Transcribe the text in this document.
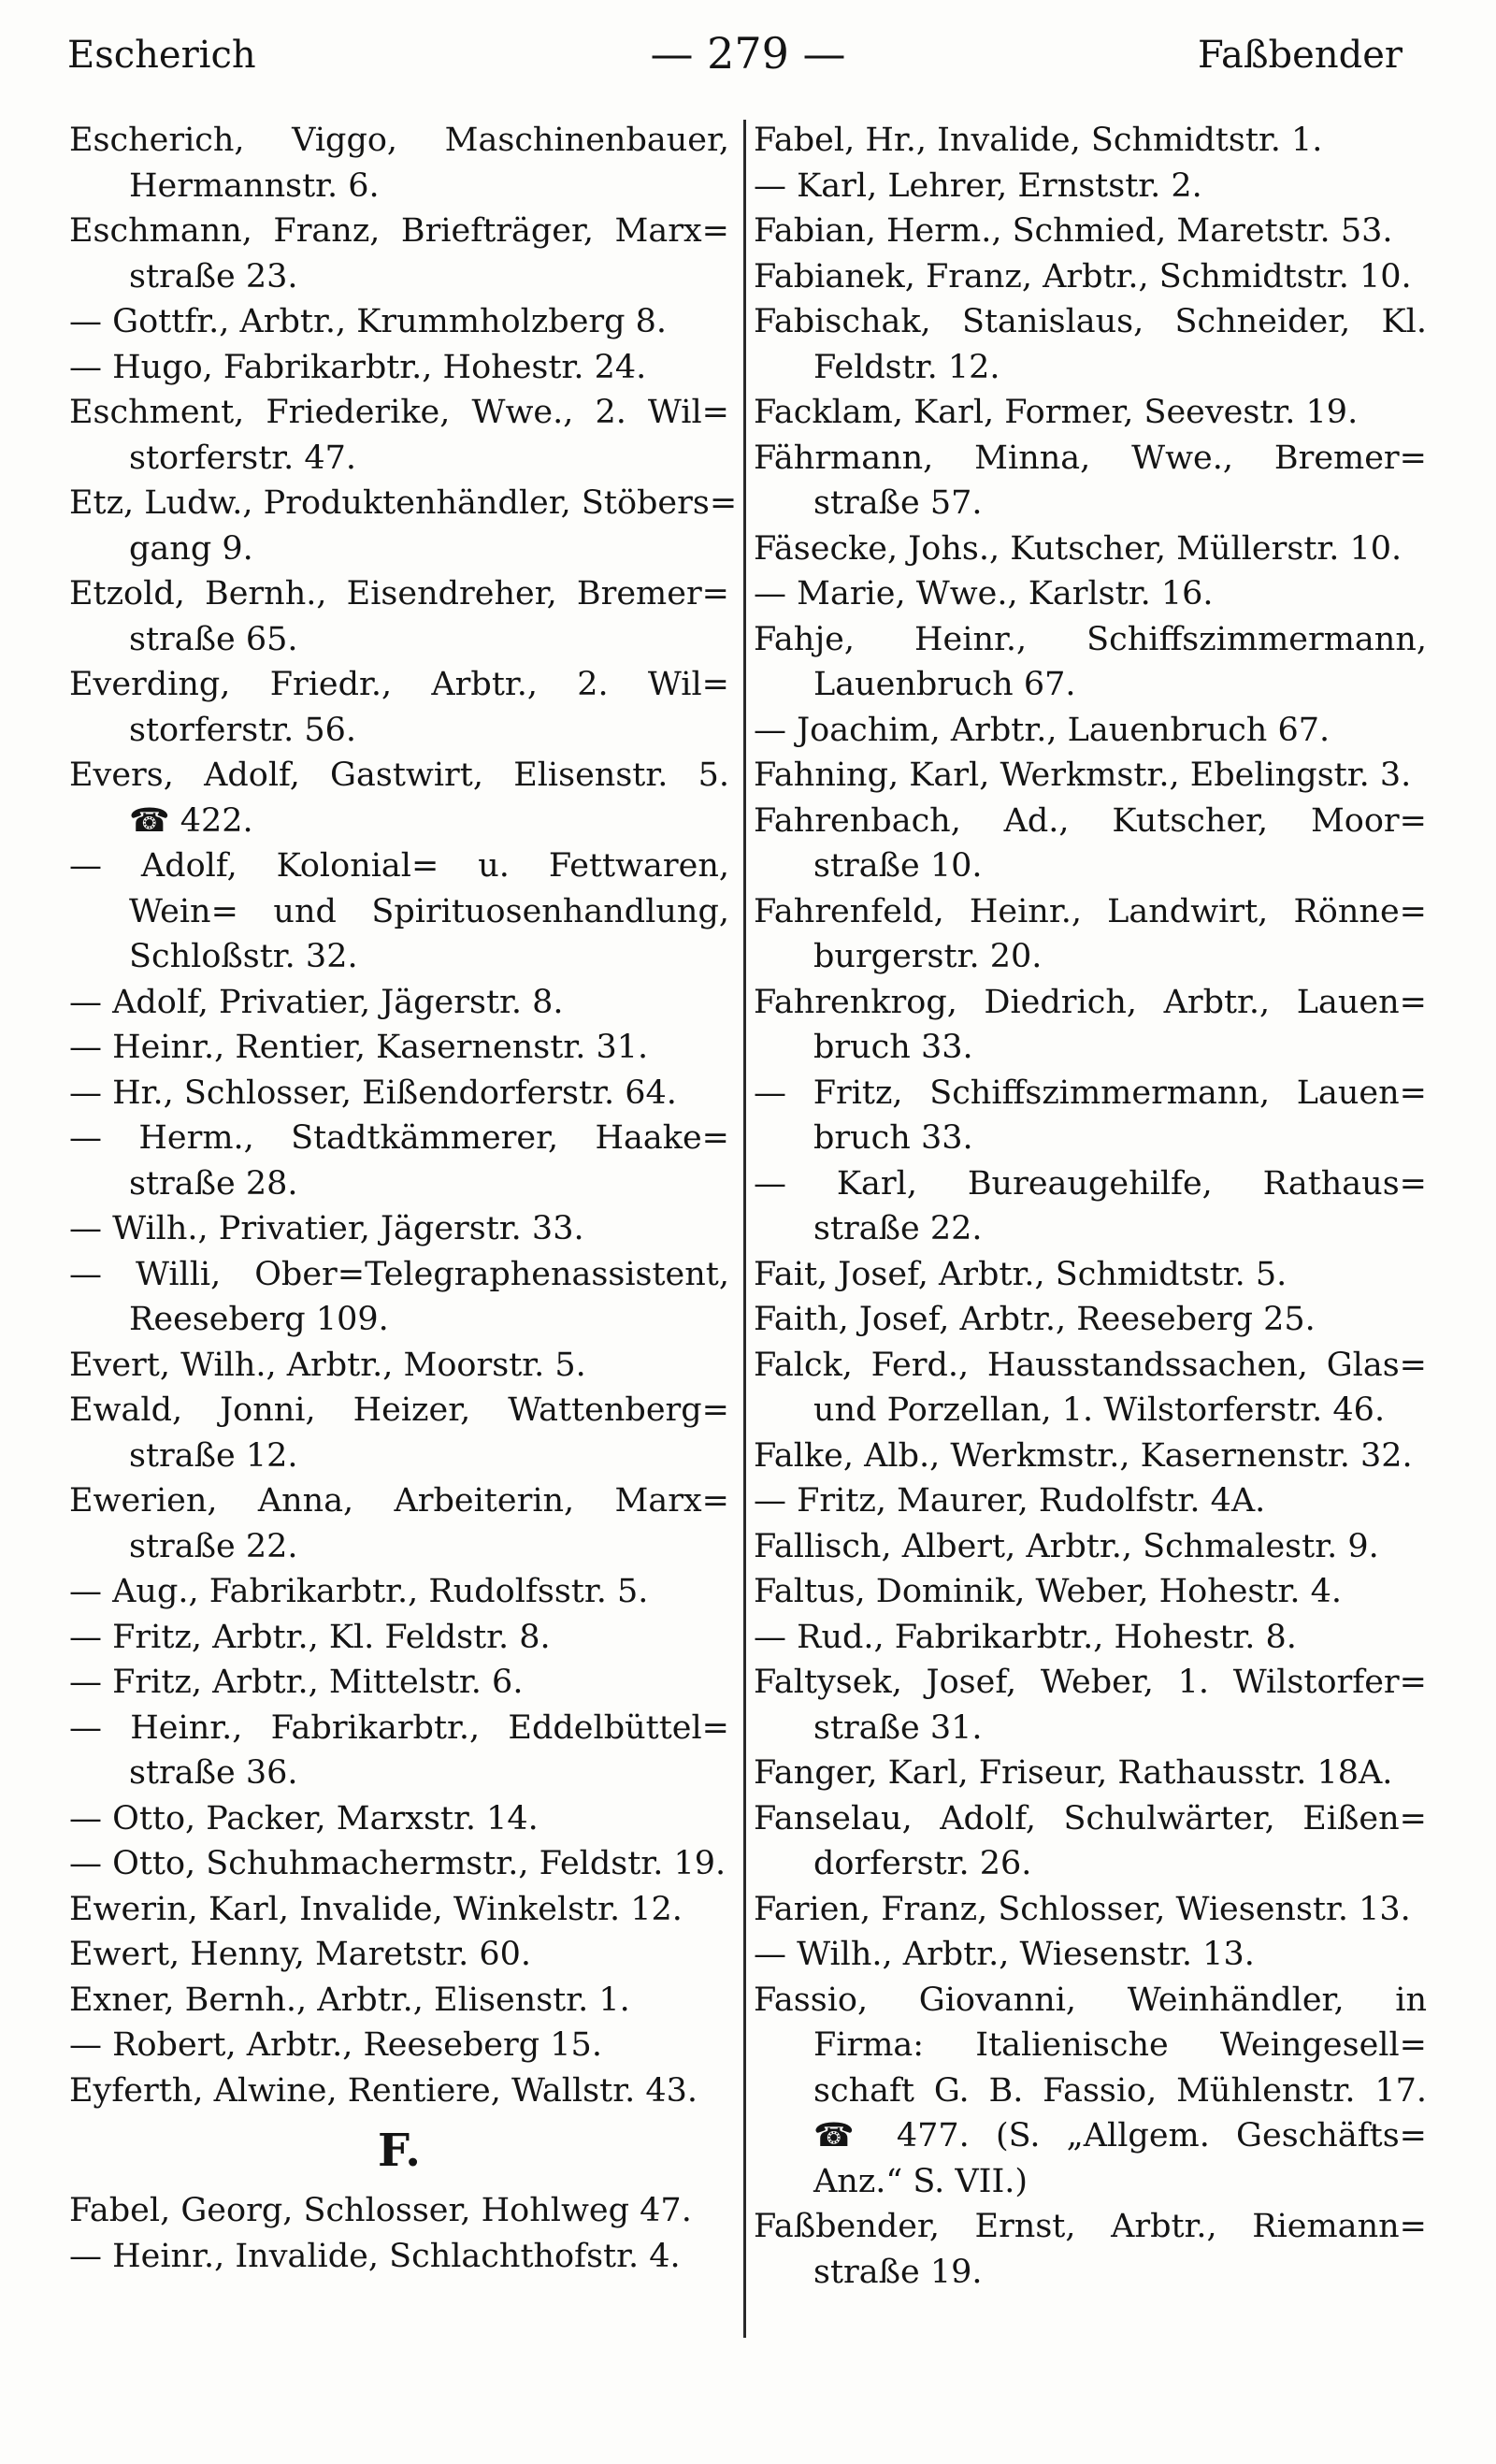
Escherich	— 279 —	Faßbender
Escherich, Viggo, Maschinenbauer,
Hermannstr. 6.
Eschmann, Franz, Briefträger, Marx=
straße 23.
— Gottfr., Arbtr., Krummholzberg 8.
— Hugo, Fabrikarbtr., Hohestr. 24.
Eschment, Friederike, Wwe., 2. Wil=
storferstr. 47.
Etz, Ludw., Produktenhändler, Stöbers=
gang 9.
Etzold, Bernh., Eisendreher, Bremer=
straße 65.
Everding, Friedr., Arbtr., 2. Wil=
storferstr. 56.
Evers, Adolf, Gastwirt, Elisenstr. 5.
☎ 422.
— Adolf, Kolonial= u. Fettwaren,
Wein= und Spirituosenhandlung,
Schloßstr. 32.
— Adolf, Privatier, Jägerstr. 8.
— Heinr., Rentier, Kasernenstr. 31.
— Hr., Schlosser, Eißendorferstr. 64.
— Herm., Stadtkämmerer, Haake=
straße 28.
— Wilh., Privatier, Jägerstr. 33.
— Willi, Ober=Telegraphenassistent,
Reeseberg 109.
Evert, Wilh., Arbtr., Moorstr. 5.
Ewald, Jonni, Heizer, Wattenberg=
straße 12.
Ewerien, Anna, Arbeiterin, Marx=
straße 22.
— Aug., Fabrikarbtr., Rudolfsstr. 5.
— Fritz, Arbtr., Kl. Feldstr. 8.
— Fritz, Arbtr., Mittelstr. 6.
— Heinr., Fabrikarbtr., Eddelbüttel=
straße 36.
— Otto, Packer, Marxstr. 14.
— Otto, Schuhmachermstr., Feldstr. 19.
Ewerin, Karl, Invalide, Winkelstr. 12.
Ewert, Henny, Maretstr. 60.
Exner, Bernh., Arbtr., Elisenstr. 1.
— Robert, Arbtr., Reeseberg 15.
Eyferth, Alwine, Rentiere, Wallstr. 43.
F.
Fabel, Georg, Schlosser, Hohlweg 47.
— Heinr., Invalide, Schlachthofstr. 4.
Fabel, Hr., Invalide, Schmidtstr. 1.
— Karl, Lehrer, Ernststr. 2.
Fabian, Herm., Schmied, Maretstr. 53.
Fabianek, Franz, Arbtr., Schmidtstr. 10.
Fabischak, Stanislaus, Schneider, Kl.
Feldstr. 12.
Facklam, Karl, Former, Seevestr. 19.
Fährmann, Minna, Wwe., Bremer=
straße 57.
Fäsecke, Johs., Kutscher, Müllerstr. 10.
— Marie, Wwe., Karlstr. 16.
Fahje, Heinr., Schiffszimmermann,
Lauenbruch 67.
— Joachim, Arbtr., Lauenbruch 67.
Fahning, Karl, Werkmstr., Ebelingstr. 3.
Fahrenbach, Ad., Kutscher, Moor=
straße 10.
Fahrenfeld, Heinr., Landwirt, Rönne=
burgerstr. 20.
Fahrenkrog, Diedrich, Arbtr., Lauen=
bruch 33.
— Fritz, Schiffszimmermann, Lauen=
bruch 33.
— Karl, Bureaugehilfe, Rathaus=
straße 22.
Fait, Josef, Arbtr., Schmidtstr. 5.
Faith, Josef, Arbtr., Reeseberg 25.
Falck, Ferd., Hausstandssachen, Glas=
und Porzellan, 1. Wilstorferstr. 46.
Falke, Alb., Werkmstr., Kasernenstr. 32.
— Fritz, Maurer, Rudolfstr. 4A.
Fallisch, Albert, Arbtr., Schmalestr. 9.
Faltus, Dominik, Weber, Hohestr. 4.
— Rud., Fabrikarbtr., Hohestr. 8.
Faltysek, Josef, Weber, 1. Wilstorfer=
straße 31.
Fanger, Karl, Friseur, Rathausstr. 18A.
Fanselau, Adolf, Schulwärter, Eißen=
dorferstr. 26.
Farien, Franz, Schlosser, Wiesenstr. 13.
— Wilh., Arbtr., Wiesenstr. 13.
Fassio, Giovanni, Weinhändler, in
Firma: Italienische Weingesell=
schaft G. B. Fassio, Mühlenstr. 17.
☎ 477. (S. „Allgem. Geschäfts=
Anz.“ S. VII.)
Faßbender, Ernst, Arbtr., Riemann=
straße 19.
